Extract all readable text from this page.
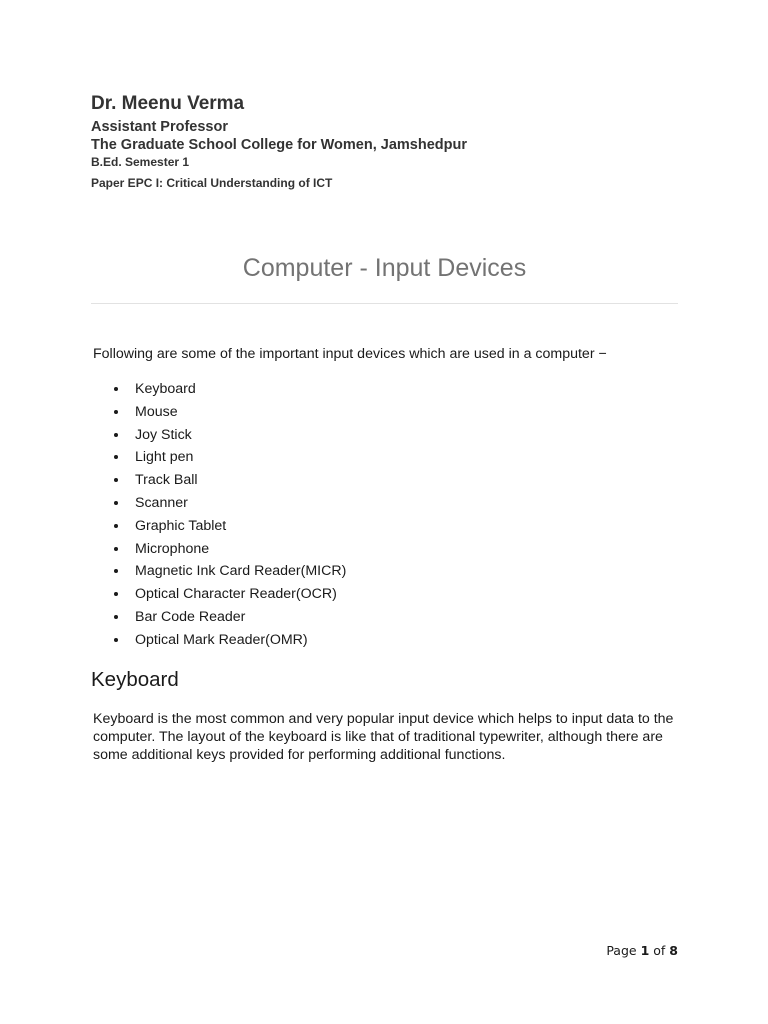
Dr. Meenu Verma
Assistant Professor
The Graduate School College for Women, Jamshedpur
B.Ed. Semester 1
Paper EPC I: Critical Understanding of ICT
Computer - Input Devices
Following are some of the important input devices which are used in a computer −
Keyboard
Mouse
Joy Stick
Light pen
Track Ball
Scanner
Graphic Tablet
Microphone
Magnetic Ink Card Reader(MICR)
Optical Character Reader(OCR)
Bar Code Reader
Optical Mark Reader(OMR)
Keyboard

Keyboard is the most common and very popular input device which helps to input data to the computer. The layout of the keyboard is like that of traditional typewriter, although there are some additional keys provided for performing additional functions.

Page 1 of 8
